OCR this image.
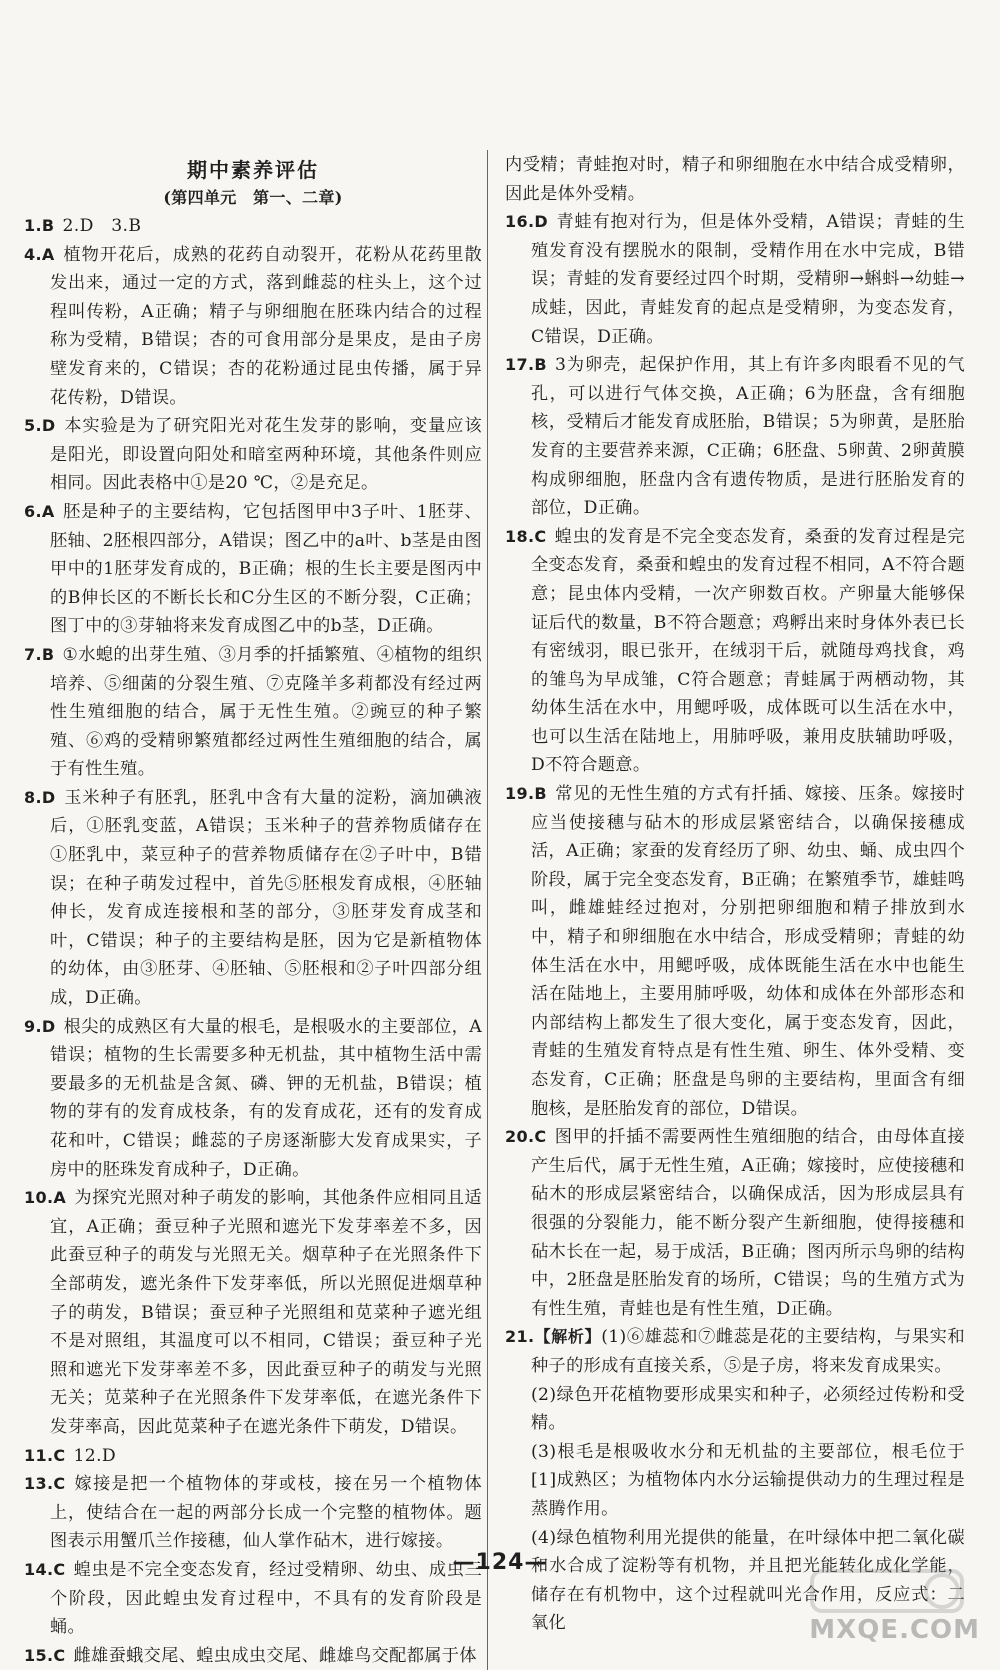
期中素养评估
(第四单元　第一、二章)
1.B 2.D　3.B
4.A 植物开花后，成熟的花药自动裂开，花粉从花药里散发出来，通过一定的方式，落到雌蕊的柱头上，这个过程叫传粉，A正确；精子与卵细胞在胚珠内结合的过程称为受精，B错误；杏的可食用部分是果皮，是由子房壁发育来的，C错误；杏的花粉通过昆虫传播，属于异花传粉，D错误。
5.D 本实验是为了研究阳光对花生发芽的影响，变量应该是阳光，即设置向阳处和暗室两种环境，其他条件则应相同。因此表格中①是20 ℃，②是充足。
6.A 胚是种子的主要结构，它包括图甲中3子叶、1胚芽、胚轴、2胚根四部分，A错误；图乙中的a叶、b茎是由图甲中的1胚芽发育成的，B正确；根的生长主要是图丙中的B伸长区的不断长长和C分生区的不断分裂，C正确；图丁中的③芽轴将来发育成图乙中的b茎，D正确。
7.B ①水螅的出芽生殖、③月季的扦插繁殖、④植物的组织培养、⑤细菌的分裂生殖、⑦克隆羊多莉都没有经过两性生殖细胞的结合，属于无性生殖。②豌豆的种子繁殖、⑥鸡的受精卵繁殖都经过两性生殖细胞的结合，属于有性生殖。
8.D 玉米种子有胚乳，胚乳中含有大量的淀粉，滴加碘液后，①胚乳变蓝，A错误；玉米种子的营养物质储存在①胚乳中，菜豆种子的营养物质储存在②子叶中，B错误；在种子萌发过程中，首先⑤胚根发育成根，④胚轴伸长，发育成连接根和茎的部分，③胚芽发育成茎和叶，C错误；种子的主要结构是胚，因为它是新植物体的幼体，由③胚芽、④胚轴、⑤胚根和②子叶四部分组成，D正确。
9.D 根尖的成熟区有大量的根毛，是根吸水的主要部位，A错误；植物的生长需要多种无机盐，其中植物生活中需要最多的无机盐是含氮、磷、钾的无机盐，B错误；植物的芽有的发育成枝条，有的发育成花，还有的发育成花和叶，C错误；雌蕊的子房逐渐膨大发育成果实，子房中的胚珠发育成种子，D正确。
10.A 为探究光照对种子萌发的影响，其他条件应相同且适宜，A正确；蚕豆种子光照和遮光下发芽率差不多，因此蚕豆种子的萌发与光照无关。烟草种子在光照条件下全部萌发，遮光条件下发芽率低，所以光照促进烟草种子的萌发，B错误；蚕豆种子光照组和苋菜种子遮光组不是对照组，其温度可以不相同，C错误；蚕豆种子光照和遮光下发芽率差不多，因此蚕豆种子的萌发与光照无关；苋菜种子在光照条件下发芽率低，在遮光条件下发芽率高，因此苋菜种子在遮光条件下萌发，D错误。
11.C 12.D
13.C 嫁接是把一个植物体的芽或枝，接在另一个植物体上，使结合在一起的两部分长成一个完整的植物体。题图表示用蟹爪兰作接穗，仙人掌作砧木，进行嫁接。
14.C 蝗虫是不完全变态发育，经过受精卵、幼虫、成虫三个阶段，因此蝗虫发育过程中，不具有的发育阶段是蛹。
15.C 雌雄蚕蛾交尾、蝗虫成虫交尾、雌雄鸟交配都属于体
内受精；青蛙抱对时，精子和卵细胞在水中结合成受精卵，因此是体外受精。
16.D 青蛙有抱对行为，但是体外受精，A错误；青蛙的生殖发育没有摆脱水的限制，受精作用在水中完成，B错误；青蛙的发育要经过四个时期，受精卵→蝌蚪→幼蛙→成蛙，因此，青蛙发育的起点是受精卵，为变态发育，C错误，D正确。
17.B 3为卵壳，起保护作用，其上有许多肉眼看不见的气孔，可以进行气体交换，A正确；6为胚盘，含有细胞核，受精后才能发育成胚胎，B错误；5为卵黄，是胚胎发育的主要营养来源，C正确；6胚盘、5卵黄、2卵黄膜构成卵细胞，胚盘内含有遗传物质，是进行胚胎发育的部位，D正确。
18.C 蝗虫的发育是不完全变态发育，桑蚕的发育过程是完全变态发育，桑蚕和蝗虫的发育过程不相同，A不符合题意；昆虫体内受精，一次产卵数百枚。产卵量大能够保证后代的数量，B不符合题意；鸡孵出来时身体外表已长有密绒羽，眼已张开，在绒羽干后，就随母鸡找食，鸡的雏鸟为早成雏，C符合题意；青蛙属于两栖动物，其幼体生活在水中，用鳃呼吸，成体既可以生活在水中，也可以生活在陆地上，用肺呼吸，兼用皮肤辅助呼吸，D不符合题意。
19.B 常见的无性生殖的方式有扦插、嫁接、压条。嫁接时应当使接穗与砧木的形成层紧密结合，以确保接穗成活，A正确；家蚕的发育经历了卵、幼虫、蛹、成虫四个阶段，属于完全变态发育，B正确；在繁殖季节，雄蛙鸣叫，雌雄蛙经过抱对，分别把卵细胞和精子排放到水中，精子和卵细胞在水中结合，形成受精卵；青蛙的幼体生活在水中，用鳃呼吸，成体既能生活在水中也能生活在陆地上，主要用肺呼吸，幼体和成体在外部形态和内部结构上都发生了很大变化，属于变态发育，因此，青蛙的生殖发育特点是有性生殖、卵生、体外受精、变态发育，C正确；胚盘是鸟卵的主要结构，里面含有细胞核，是胚胎发育的部位，D错误。
20.C 图甲的扦插不需要两性生殖细胞的结合，由母体直接产生后代，属于无性生殖，A正确；嫁接时，应使接穗和砧木的形成层紧密结合，以确保成活，因为形成层具有很强的分裂能力，能不断分裂产生新细胞，使得接穗和砧木长在一起，易于成活，B正确；图丙所示鸟卵的结构中，2胚盘是胚胎发育的场所，C错误；鸟的生殖方式为有性生殖，青蛙也是有性生殖，D正确。
21.【解析】(1)⑥雄蕊和⑦雌蕊是花的主要结构，与果实和种子的形成有直接关系，⑤是子房，将来发育成果实。
(2)绿色开花植物要形成果实和种子，必须经过传粉和受精。
(3)根毛是根吸收水分和无机盐的主要部位，根毛位于[1]成熟区；为植物体内水分运输提供动力的生理过程是蒸腾作用。
(4)绿色植物利用光提供的能量，在叶绿体中把二氧化碳和水合成了淀粉等有机物，并且把光能转化成化学能，储存在有机物中，这个过程就叫光合作用，反应式：二氧化
—124—
MXQE.COM
